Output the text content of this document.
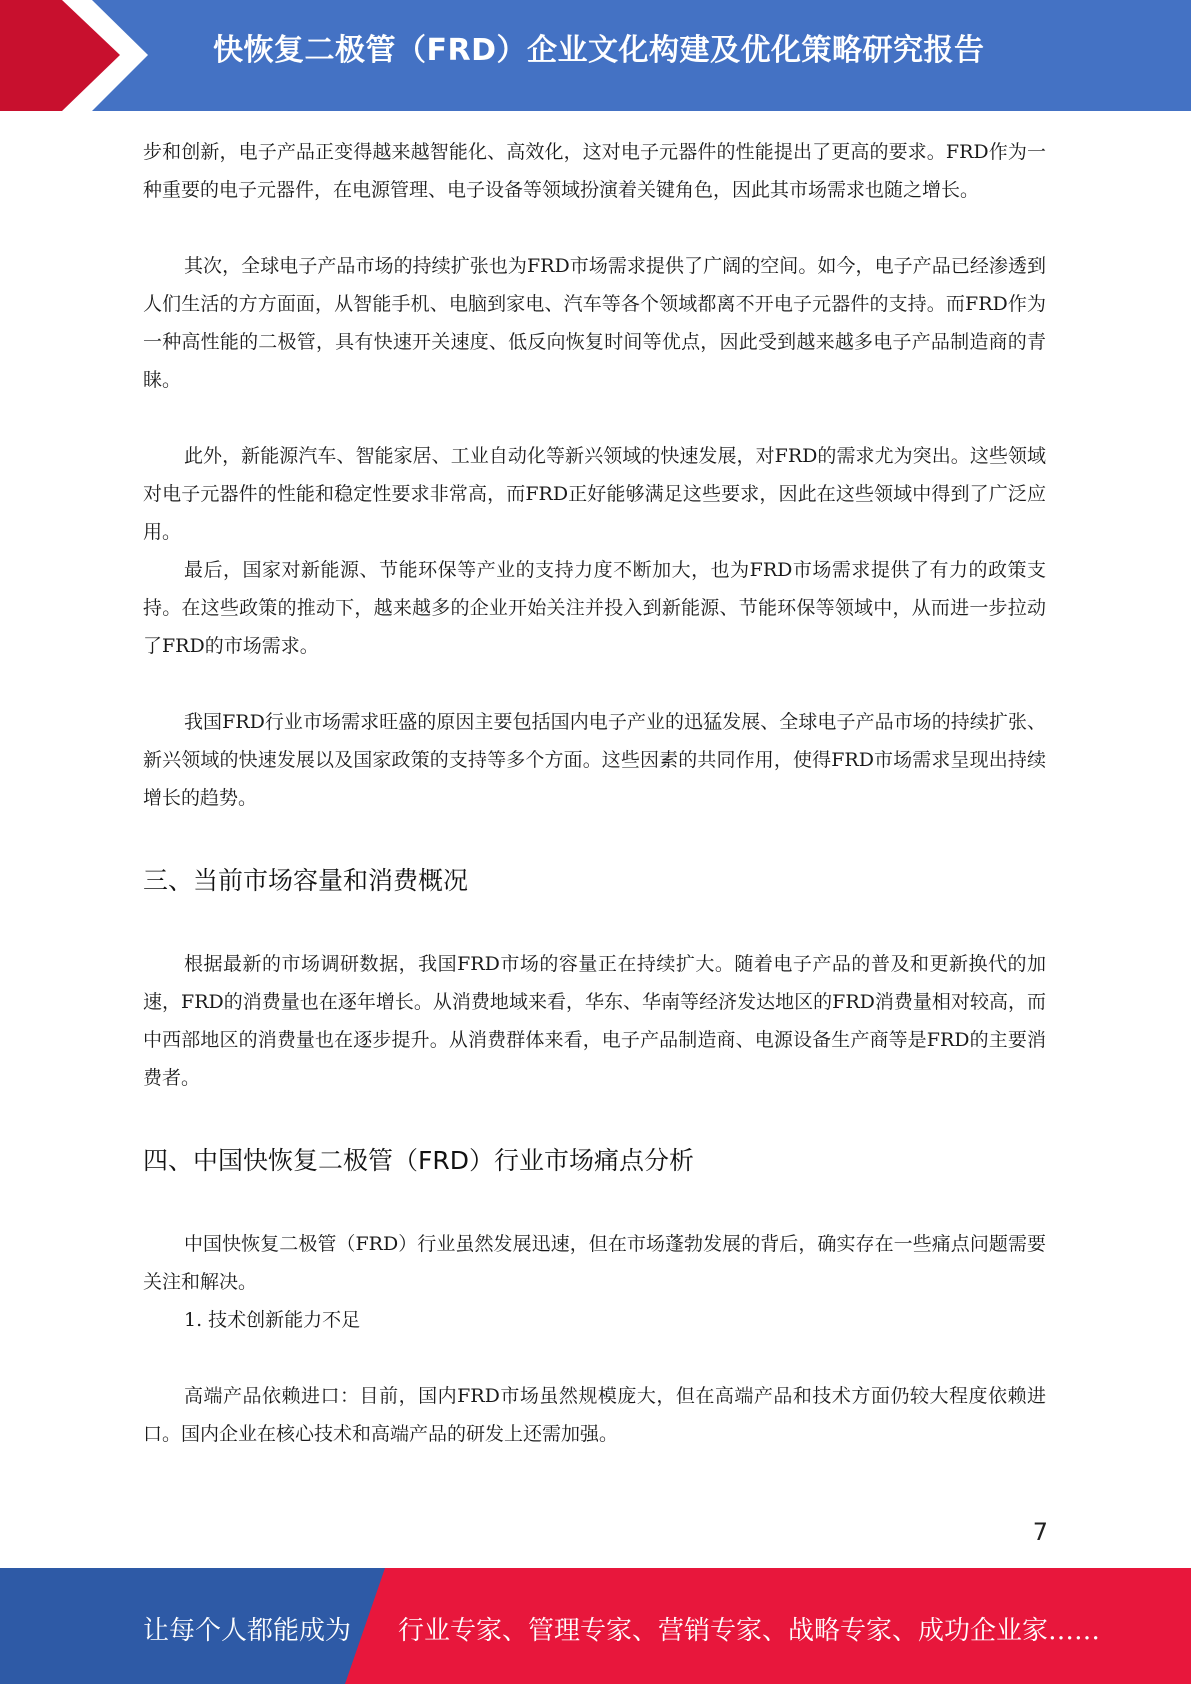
快恢复二极管（FRD）企业文化构建及优化策略研究报告

步和创新，电子产品正变得越来越智能化、高效化，这对电子元器件的性能提出了更高的要求。FRD作为一种重要的电子元器件，在电源管理、电子设备等领域扮演着关键角色，因此其市场需求也随之增长。

其次，全球电子产品市场的持续扩张也为FRD市场需求提供了广阔的空间。如今，电子产品已经渗透到人们生活的方方面面，从智能手机、电脑到家电、汽车等各个领域都离不开电子元器件的支持。而FRD作为一种高性能的二极管，具有快速开关速度、低反向恢复时间等优点，因此受到越来越多电子产品制造商的青睐。

此外，新能源汽车、智能家居、工业自动化等新兴领域的快速发展，对FRD的需求尤为突出。这些领域对电子元器件的性能和稳定性要求非常高，而FRD正好能够满足这些要求，因此在这些领域中得到了广泛应用。

最后，国家对新能源、节能环保等产业的支持力度不断加大，也为FRD市场需求提供了有力的政策支持。在这些政策的推动下，越来越多的企业开始关注并投入到新能源、节能环保等领域中，从而进一步拉动了FRD的市场需求。

我国FRD行业市场需求旺盛的原因主要包括国内电子产业的迅猛发展、全球电子产品市场的持续扩张、新兴领域的快速发展以及国家政策的支持等多个方面。这些因素的共同作用，使得FRD市场需求呈现出持续增长的趋势。

三、当前市场容量和消费概况

根据最新的市场调研数据，我国FRD市场的容量正在持续扩大。随着电子产品的普及和更新换代的加速，FRD的消费量也在逐年增长。从消费地域来看，华东、华南等经济发达地区的FRD消费量相对较高，而中西部地区的消费量也在逐步提升。从消费群体来看，电子产品制造商、电源设备生产商等是FRD的主要消费者。

四、中国快恢复二极管（FRD）行业市场痛点分析

中国快恢复二极管（FRD）行业虽然发展迅速，但在市场蓬勃发展的背后，确实存在一些痛点问题需要关注和解决。

1. 技术创新能力不足

高端产品依赖进口：目前，国内FRD市场虽然规模庞大，但在高端产品和技术方面仍较大程度依赖进口。国内企业在核心技术和高端产品的研发上还需加强。

7
让每个人都能成为 行业专家、管理专家、营销专家、战略专家、成功企业家……
